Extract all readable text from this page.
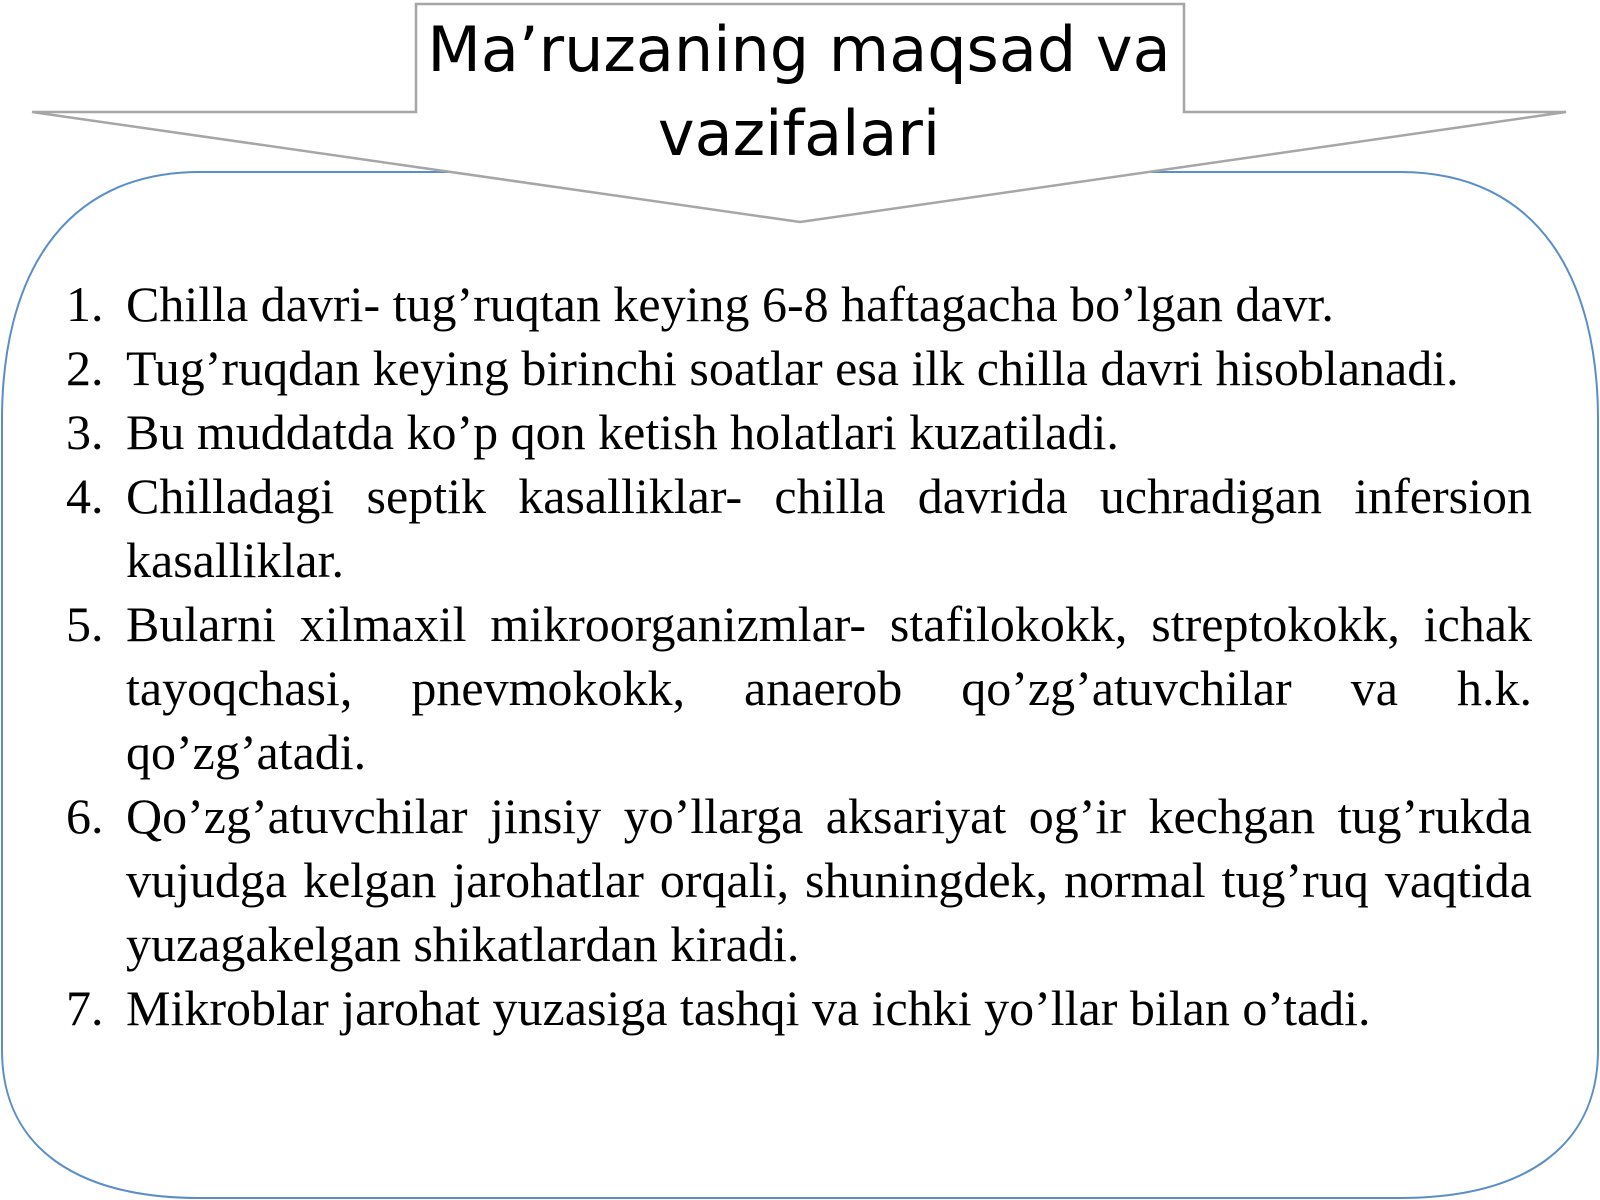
Ma’ruzaning maqsad va
vazifalari

1. Chilla davri- tug’ruqtan keying 6-8 haftagacha bo’lgan davr.

2. Tug’ruqdan keying birinchi soatlar esa ilk chilla davri hisoblanadi.

3. Bu muddatda ko’p qon ketish holatlari kuzatiladi.

4. Chilladagi septik kasalliklar- chilla davrida uchradigan infersion kasalliklar.

5. Bularni xilmaxil mikroorganizmlar- stafilokokk, streptokokk, ichak tayoqchasi, pnevmokokk, anaerob qo’zg’atuvchilar va h.k. qo’zg’atadi.

6. Qo’zg’atuvchilar jinsiy yo’llarga aksariyat og’ir kechgan tug’rukda vujudga kelgan jarohatlar orqali, shuningdek, normal tug’ruq vaqtida yuzagakelgan shikatlardan kiradi.

7. Mikroblar jarohat yuzasiga tashqi va ichki yo’llar bilan o’tadi.
